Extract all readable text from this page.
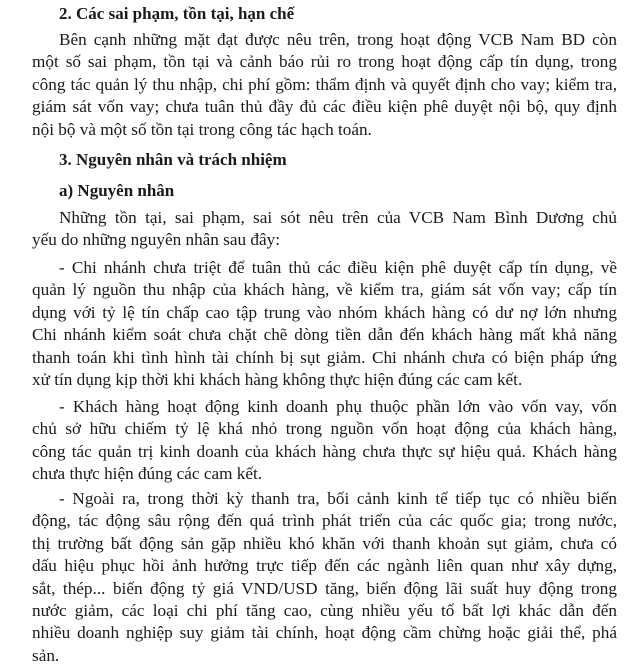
2. Các sai phạm, tồn tại, hạn chế
Bên cạnh những mặt đạt được nêu trên, trong hoạt động VCB Nam BD còn
một số sai phạm, tồn tại và cảnh báo rủi ro trong hoạt động cấp tín dụng, trong
công tác quản lý thu nhập, chi phí gồm: thẩm định và quyết định cho vay; kiểm tra,
giám sát vốn vay; chưa tuân thủ đầy đủ các điều kiện phê duyệt nội bộ, quy định
nội bộ và một số tồn tại trong công tác hạch toán.
3. Nguyên nhân và trách nhiệm
a) Nguyên nhân
Những tồn tại, sai phạm, sai sót nêu trên của VCB Nam Bình Dương chủ
yếu do những nguyên nhân sau đây:
- Chi nhánh chưa triệt để tuân thủ các điều kiện phê duyệt cấp tín dụng, về
quản lý nguồn thu nhập của khách hàng, về kiểm tra, giám sát vốn vay; cấp tín
dụng với tỷ lệ tín chấp cao tập trung vào nhóm khách hàng có dư nợ lớn nhưng
Chi nhánh kiểm soát chưa chặt chẽ dòng tiền dẫn đến khách hàng mất khả năng
thanh toán khi tình hình tài chính bị sụt giảm. Chi nhánh chưa có biện pháp ứng
xử tín dụng kịp thời khi khách hàng không thực hiện đúng các cam kết.
- Khách hàng hoạt động kinh doanh phụ thuộc phần lớn vào vốn vay, vốn
chủ sở hữu chiếm tỷ lệ khá nhỏ trong nguồn vốn hoạt động của khách hàng,
công tác quản trị kinh doanh của khách hàng chưa thực sự hiệu quả. Khách hàng
chưa thực hiện đúng các cam kết.
- Ngoài ra, trong thời kỳ thanh tra, bối cảnh kinh tế tiếp tục có nhiều biến
động, tác động sâu rộng đến quá trình phát triển của các quốc gia; trong nước,
thị trường bất động sản gặp nhiều khó khăn với thanh khoản sụt giảm, chưa có
dấu hiệu phục hồi ảnh hưởng trực tiếp đến các ngành liên quan như xây dựng,
sắt, thép... biến động tỷ giá VND/USD tăng, biến động lãi suất huy động trong
nước giảm, các loại chi phí tăng cao, cùng nhiều yếu tố bất lợi khác dẫn đến
nhiều doanh nghiệp suy giảm tài chính, hoạt động cầm chừng hoặc giải thể, phá
sản.
